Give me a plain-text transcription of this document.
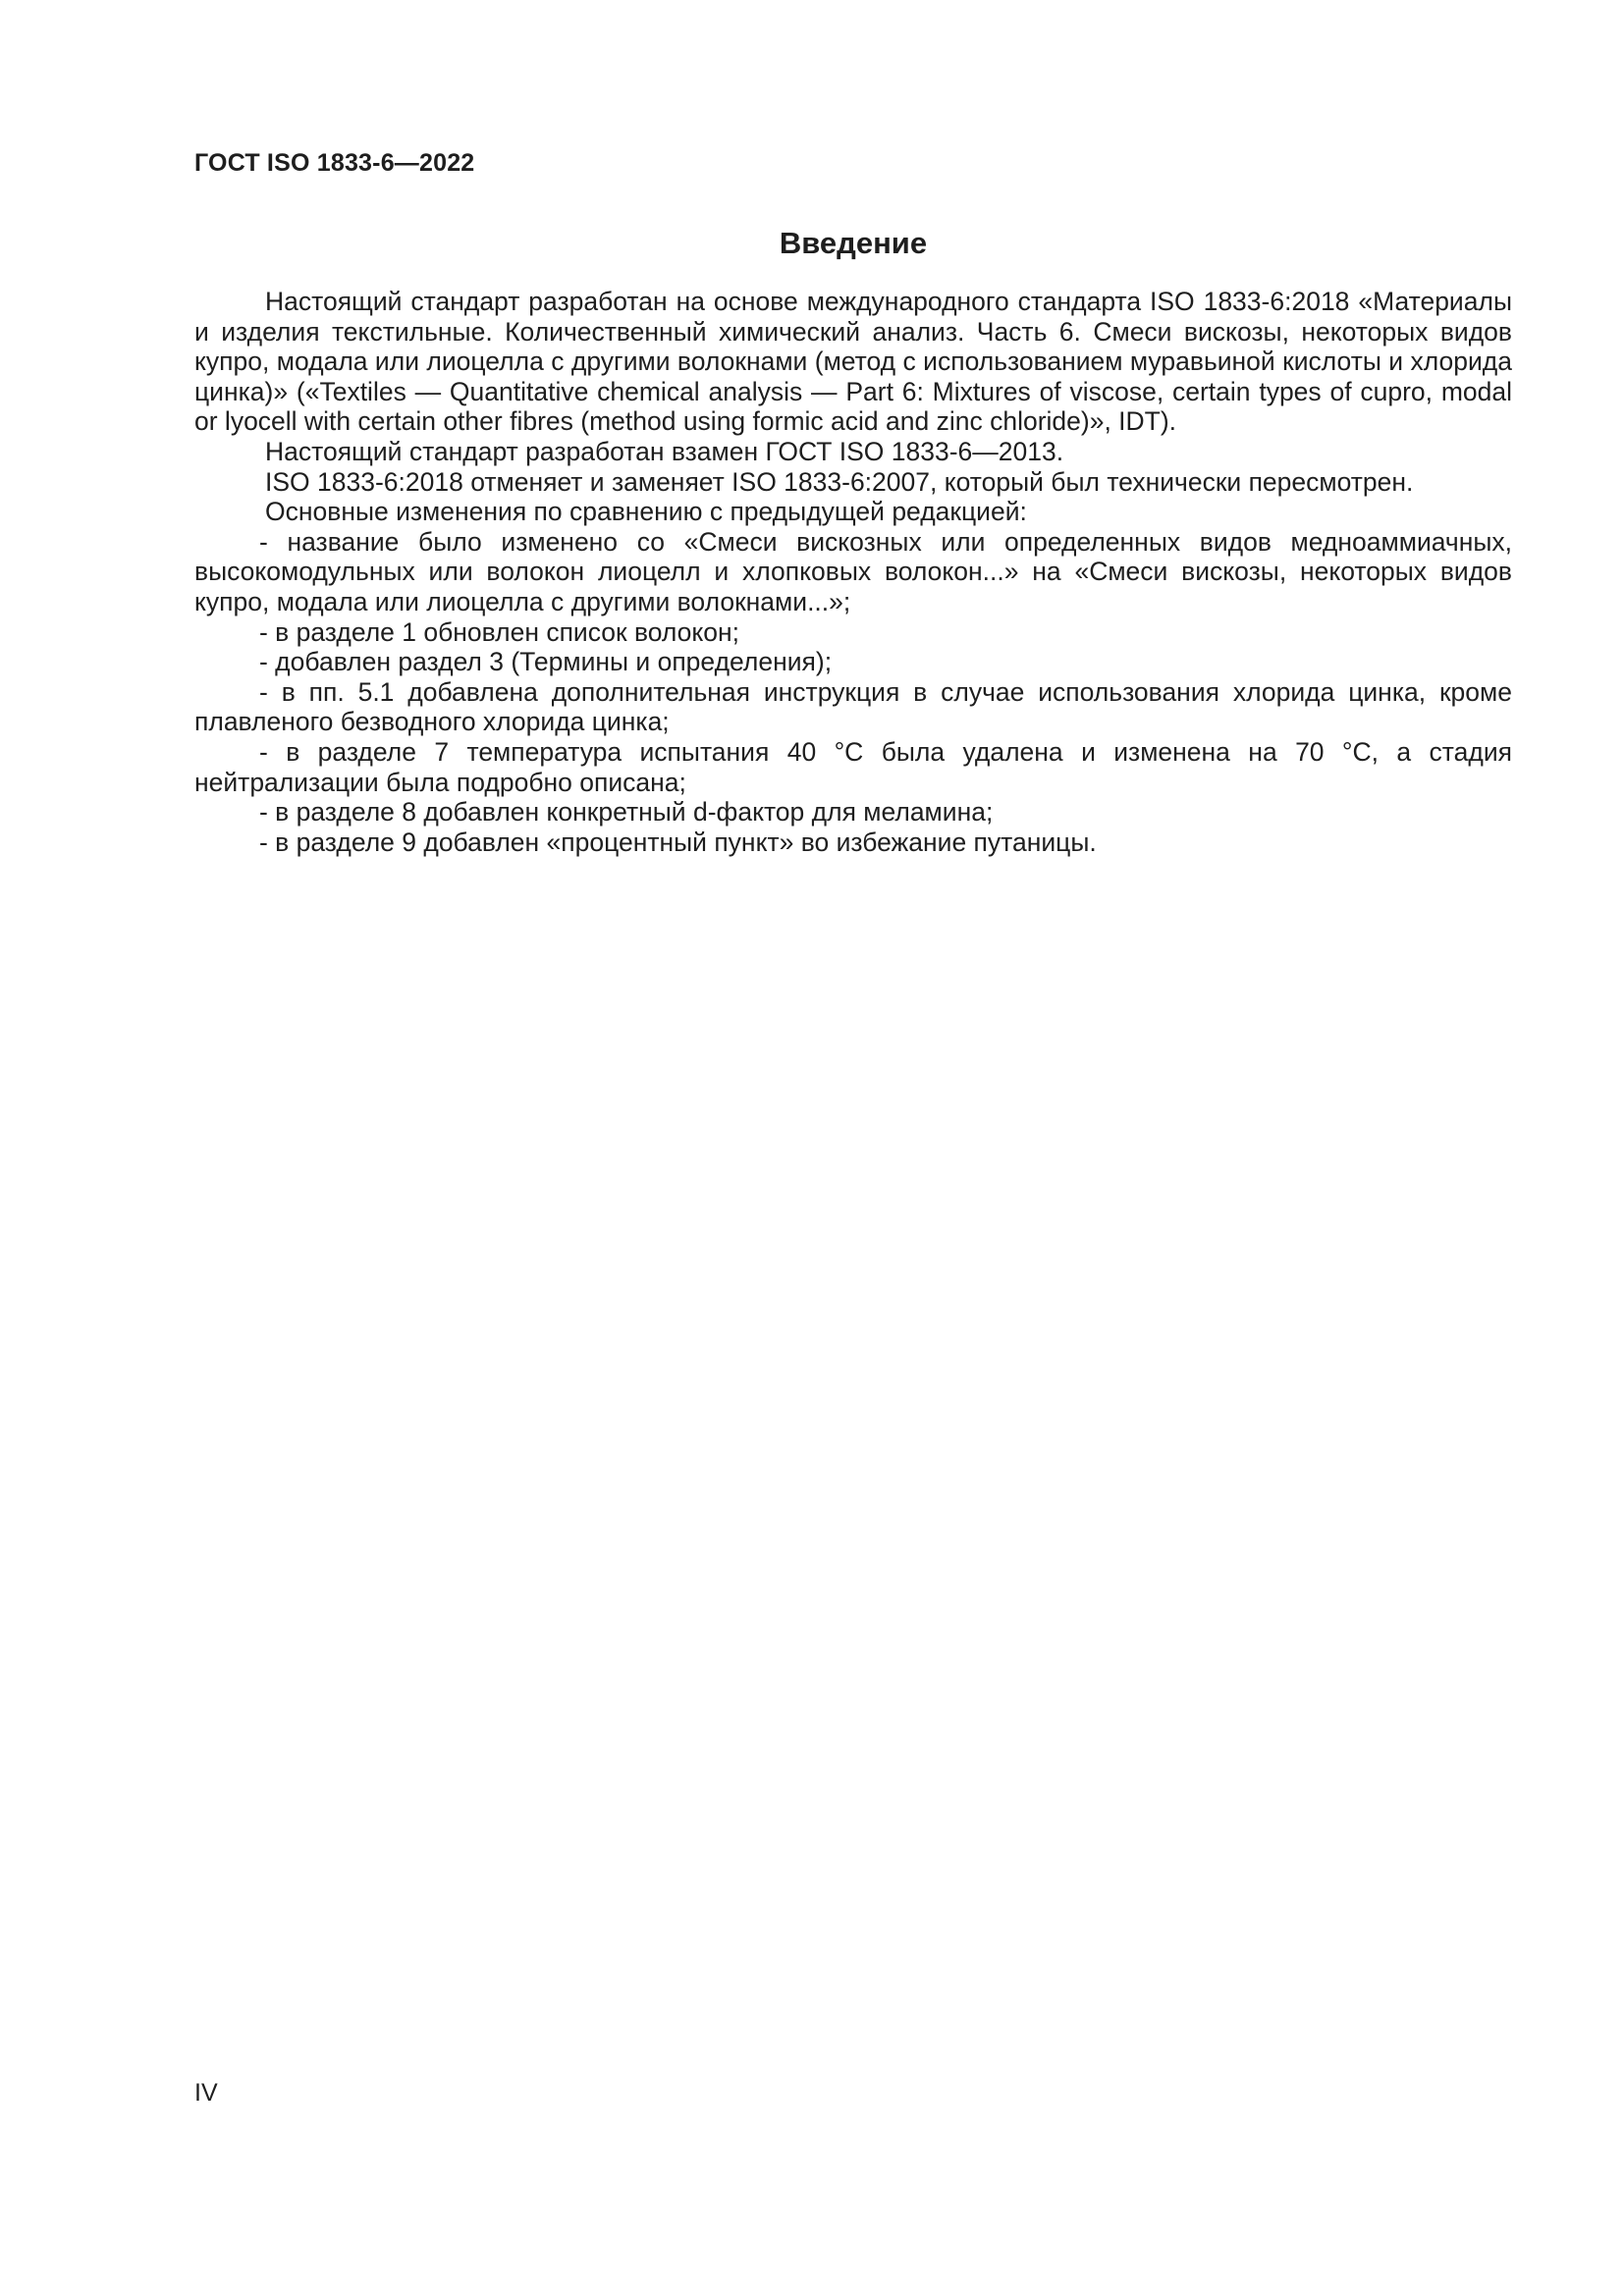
ГОСТ ISO 1833-6—2022
Введение

Настоящий стандарт разработан на основе международного стандарта ISO 1833-6:2018 «Материалы и изделия текстильные. Количественный химический анализ. Часть 6. Смеси вискозы, некоторых видов купро, модала или лиоцелла с другими волокнами (метод с использованием муравьиной кислоты и хлорида цинка)» («Textiles — Quantitative chemical analysis — Part 6: Mixtures of viscose, certain types of cupro, modal or lyocell with certain other fibres (method using formic acid and zinc chloride)», IDT).

Настоящий стандарт разработан взамен ГОСТ ISO 1833-6—2013.

ISO 1833-6:2018 отменяет и заменяет ISO 1833-6:2007, который был технически пересмотрен.

Основные изменения по сравнению с предыдущей редакцией:

- название было изменено со «Смеси вискозных или определенных видов медноаммиачных, высокомодульных или волокон лиоцелл и хлопковых волокон...» на «Смеси вискозы, некоторых видов купро, модала или лиоцелла с другими волокнами...»;

- в разделе 1 обновлен список волокон;

- добавлен раздел 3 (Термины и определения);

- в пп. 5.1 добавлена дополнительная инструкция в случае использования хлорида цинка, кроме плавленого безводного хлорида цинка;

- в разделе 7 температура испытания 40 °С была удалена и изменена на 70 °С, а стадия нейтрализации была подробно описана;

- в разделе 8 добавлен конкретный d-фактор для меламина;

- в разделе 9 добавлен «процентный пункт» во избежание путаницы.

IV
